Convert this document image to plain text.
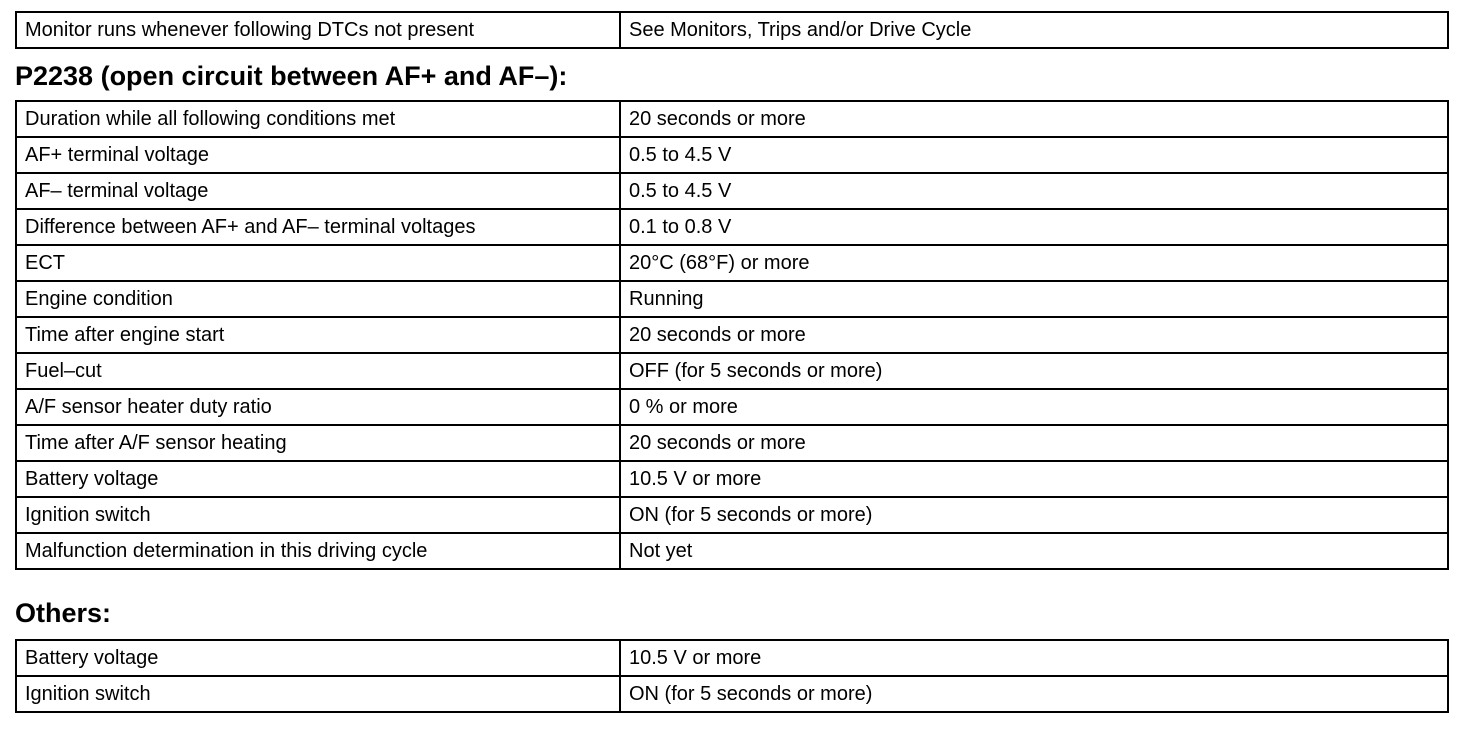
Monitor runs whenever following DTCs not present	See Monitors, Trips and/or Drive Cycle
P2238 (open circuit between AF+ and AF–):
Duration while all following conditions met	20 seconds or more
AF+ terminal voltage	0.5 to 4.5 V
AF– terminal voltage	0.5 to 4.5 V
Difference between AF+ and AF– terminal voltages	0.1 to 0.8 V
ECT	20°C (68°F) or more
Engine condition	Running
Time after engine start	20 seconds or more
Fuel–cut	OFF (for 5 seconds or more)
A/F sensor heater duty ratio	0 % or more
Time after A/F sensor heating	20 seconds or more
Battery voltage	10.5 V or more
Ignition switch	ON (for 5 seconds or more)
Malfunction determination in this driving cycle	Not yet
Others:
Battery voltage	10.5 V or more
Ignition switch	ON (for 5 seconds or more)
